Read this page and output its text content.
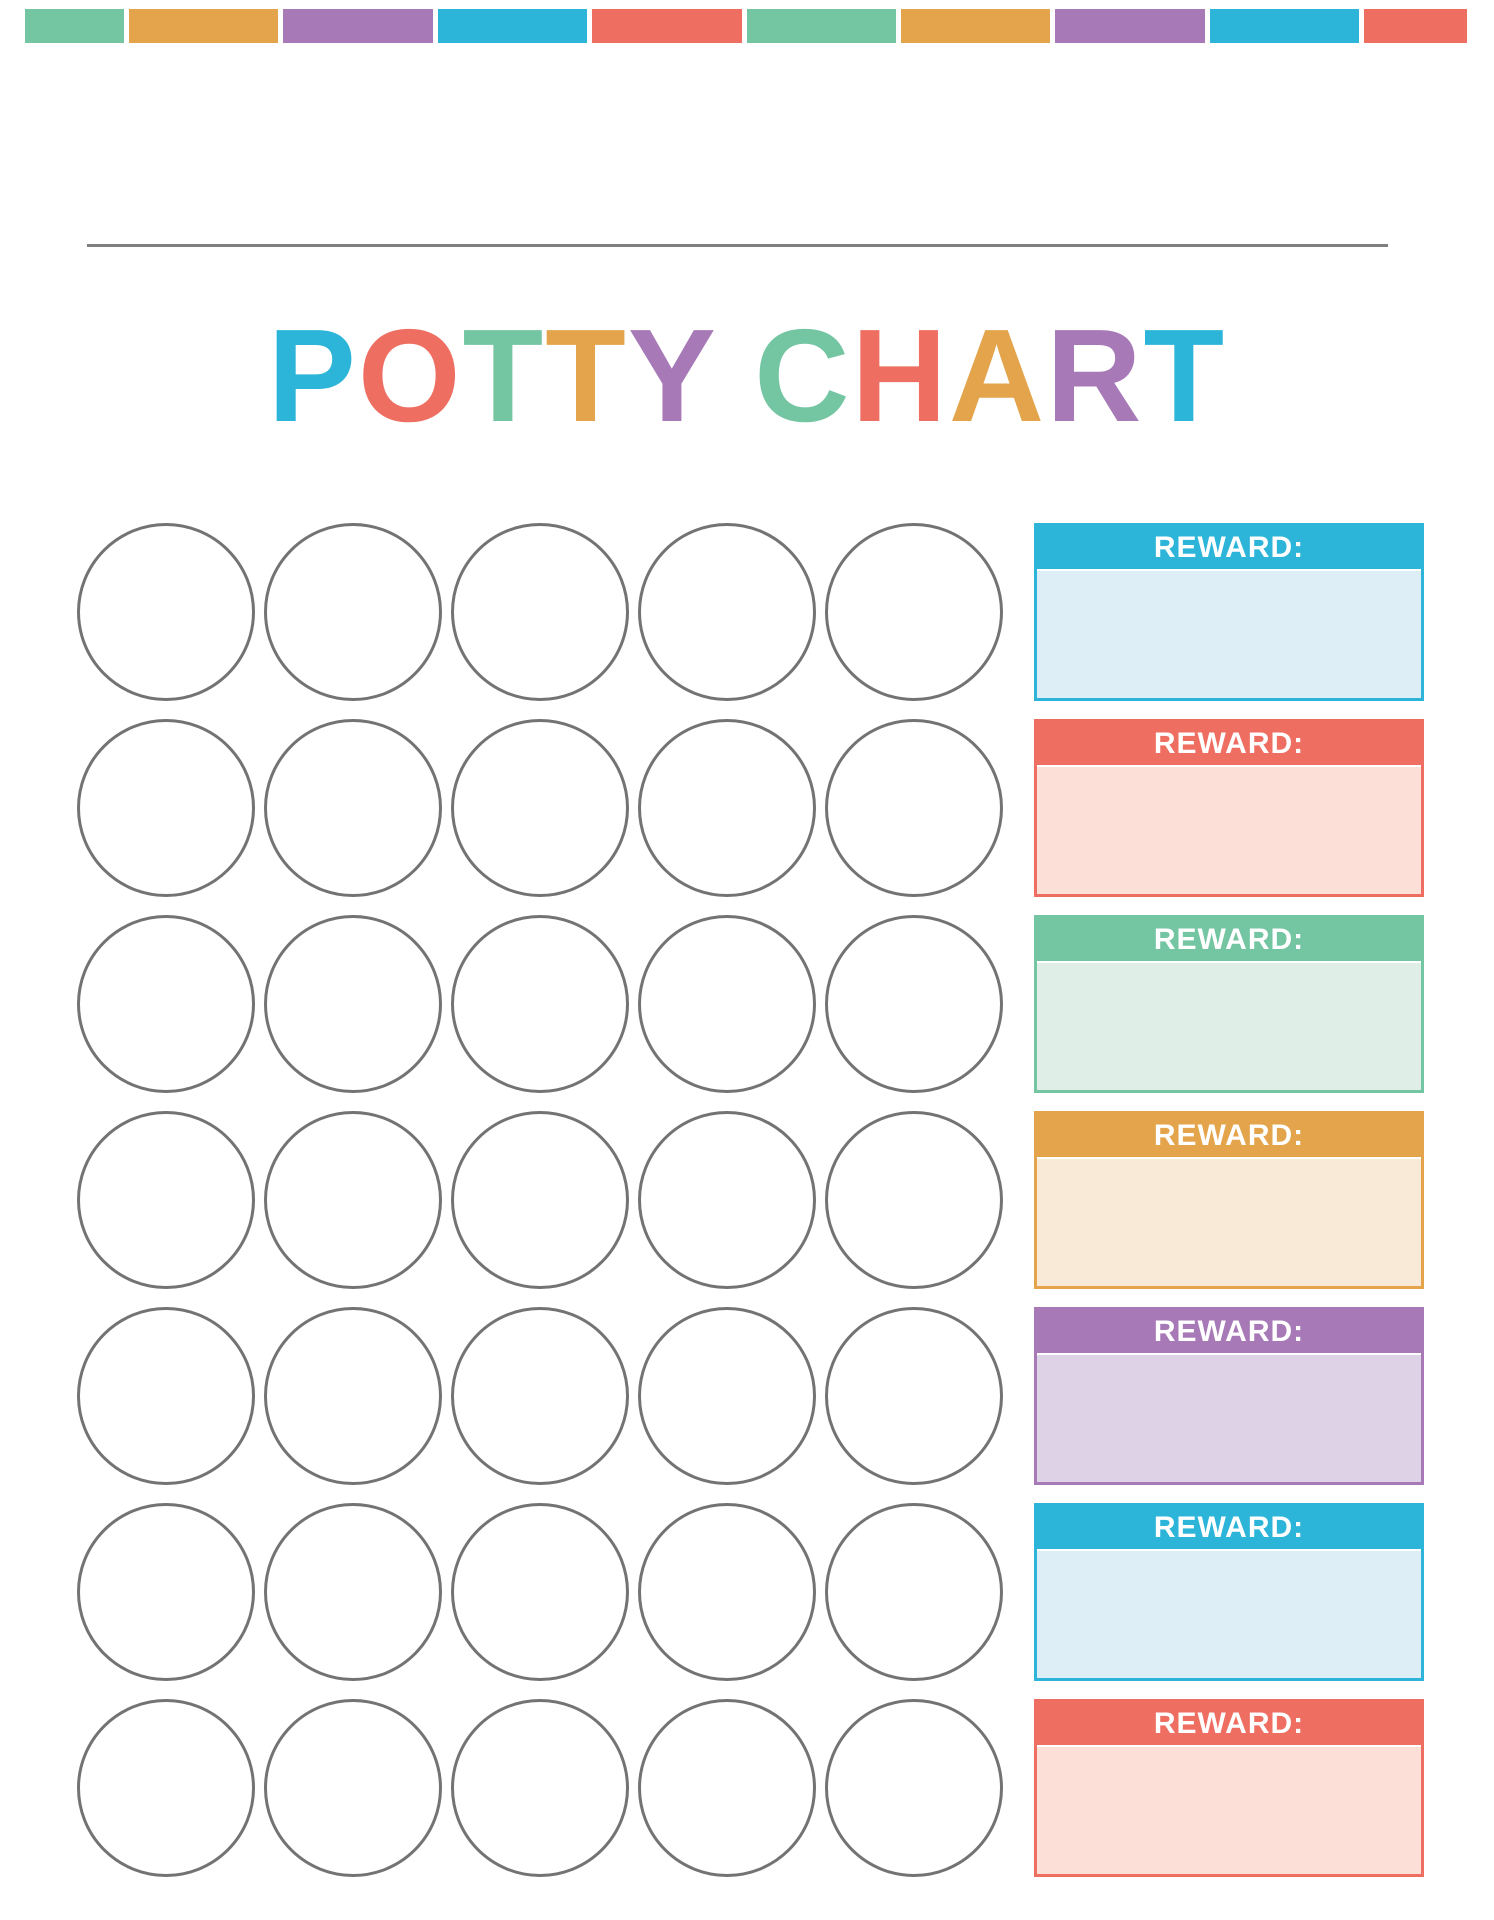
POTTY CHART
REWARD:
REWARD:
REWARD:
REWARD:
REWARD:
REWARD:
REWARD:
